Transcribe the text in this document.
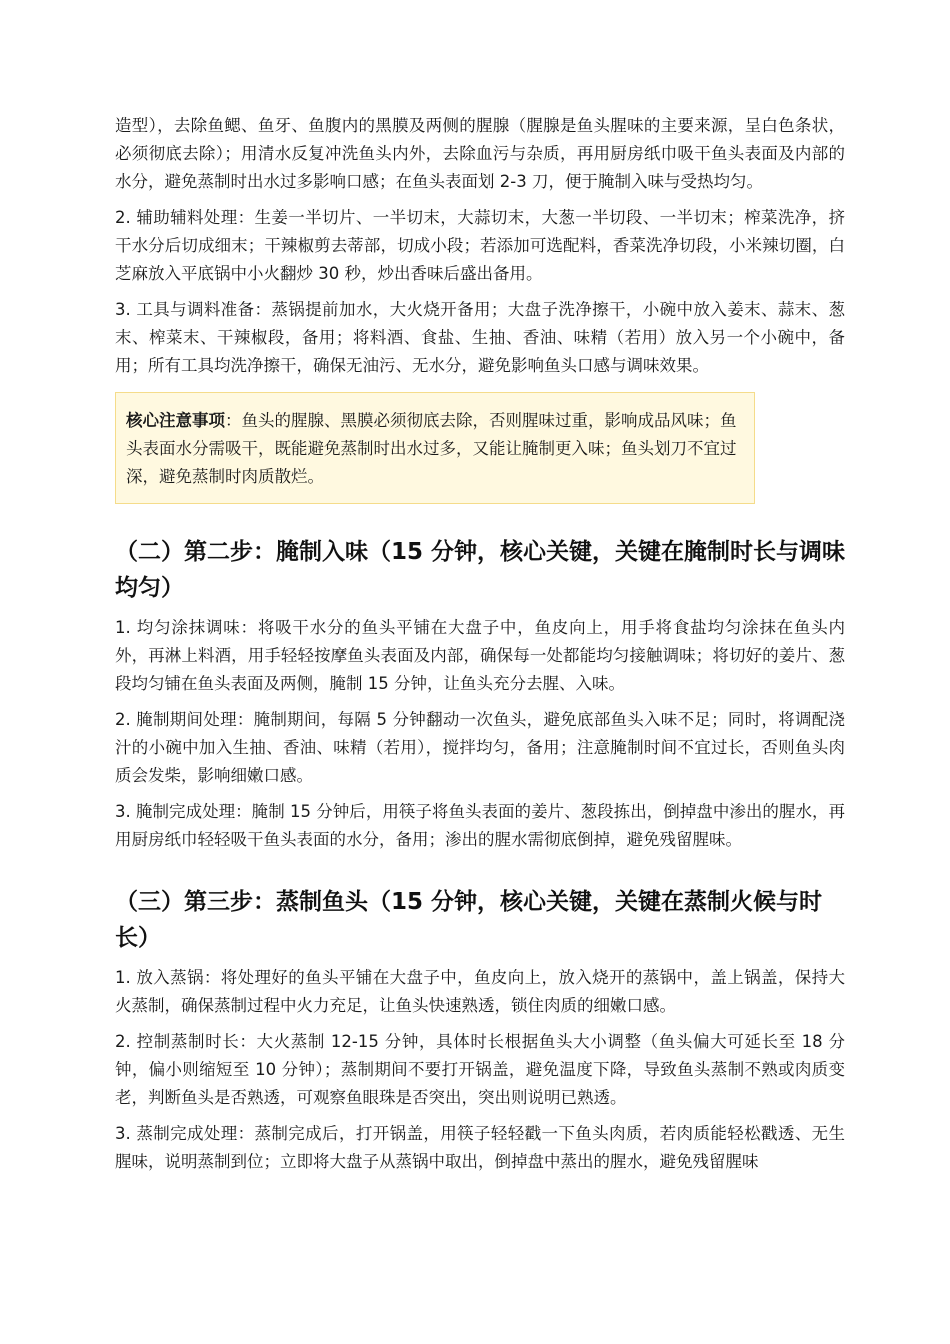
造型），去除鱼鳃、鱼牙、鱼腹内的黑膜及两侧的腥腺（腥腺是鱼头腥味的主要来源，呈白色条状，必须彻底去除）；用清水反复冲洗鱼头内外，去除血污与杂质，再用厨房纸巾吸干鱼头表面及内部的水分，避免蒸制时出水过多影响口感；在鱼头表面划 2-3 刀，便于腌制入味与受热均匀。

2. 辅助辅料处理：生姜一半切片、一半切末，大蒜切末，大葱一半切段、一半切末；榨菜洗净，挤干水分后切成细末；干辣椒剪去蒂部，切成小段；若添加可选配料，香菜洗净切段，小米辣切圈，白芝麻放入平底锅中小火翻炒 30 秒，炒出香味后盛出备用。

3. 工具与调料准备：蒸锅提前加水，大火烧开备用；大盘子洗净擦干，小碗中放入姜末、蒜末、葱末、榨菜末、干辣椒段，备用；将料酒、食盐、生抽、香油、味精（若用）放入另一个小碗中，备用；所有工具均洗净擦干，确保无油污、无水分，避免影响鱼头口感与调味效果。

核心注意事项：鱼头的腥腺、黑膜必须彻底去除，否则腥味过重，影响成品风味；鱼头表面水分需吸干，既能避免蒸制时出水过多，又能让腌制更入味；鱼头划刀不宜过深，避免蒸制时肉质散烂。
（二）第二步：腌制入味（15 分钟，核心关键，关键在腌制时长与调味均匀）

1. 均匀涂抹调味：将吸干水分的鱼头平铺在大盘子中，鱼皮向上，用手将食盐均匀涂抹在鱼头内外，再淋上料酒，用手轻轻按摩鱼头表面及内部，确保每一处都能均匀接触调味；将切好的姜片、葱段均匀铺在鱼头表面及两侧，腌制 15 分钟，让鱼头充分去腥、入味。

2. 腌制期间处理：腌制期间，每隔 5 分钟翻动一次鱼头，避免底部鱼头入味不足；同时，将调配浇汁的小碗中加入生抽、香油、味精（若用），搅拌均匀，备用；注意腌制时间不宜过长，否则鱼头肉质会发柴，影响细嫩口感。

3. 腌制完成处理：腌制 15 分钟后，用筷子将鱼头表面的姜片、葱段拣出，倒掉盘中渗出的腥水，再用厨房纸巾轻轻吸干鱼头表面的水分，备用；渗出的腥水需彻底倒掉，避免残留腥味。

（三）第三步：蒸制鱼头（15 分钟，核心关键，关键在蒸制火候与时长）

1. 放入蒸锅：将处理好的鱼头平铺在大盘子中，鱼皮向上，放入烧开的蒸锅中，盖上锅盖，保持大火蒸制，确保蒸制过程中火力充足，让鱼头快速熟透，锁住肉质的细嫩口感。

2. 控制蒸制时长：大火蒸制 12-15 分钟，具体时长根据鱼头大小调整（鱼头偏大可延长至 18 分钟，偏小则缩短至 10 分钟）；蒸制期间不要打开锅盖，避免温度下降，导致鱼头蒸制不熟或肉质变老，判断鱼头是否熟透，可观察鱼眼珠是否突出，突出则说明已熟透。

3. 蒸制完成处理：蒸制完成后，打开锅盖，用筷子轻轻戳一下鱼头肉质，若肉质能轻松戳透、无生腥味，说明蒸制到位；立即将大盘子从蒸锅中取出，倒掉盘中蒸出的腥水，避免残留腥味
